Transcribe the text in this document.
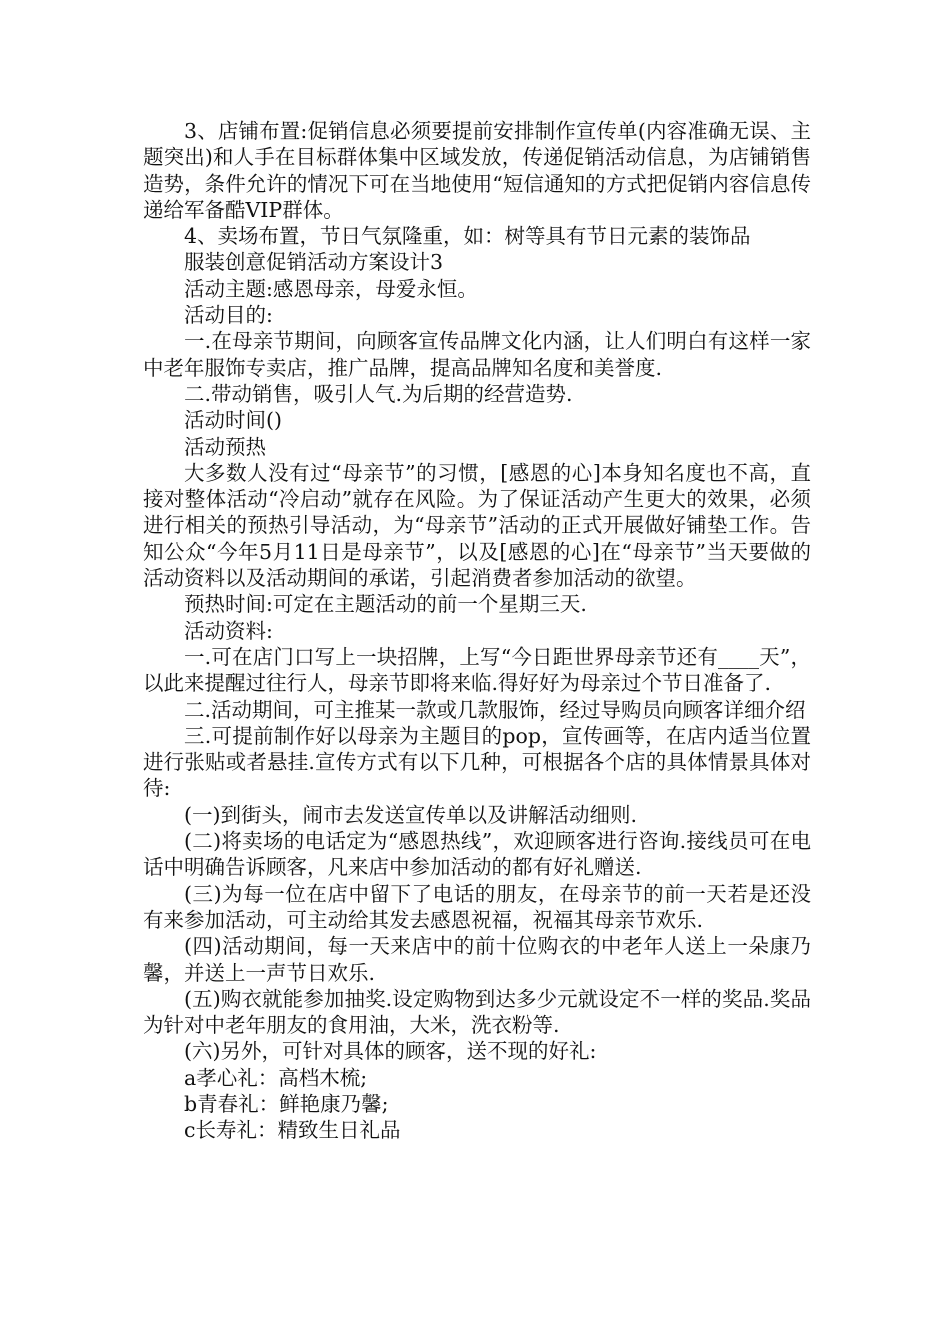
3、店铺布置:促销信息必须要提前安排制作宣传单(内容准确无误、主题突出)和人手在目标群体集中区域发放，传递促销活动信息，为店铺销售造势，条件允许的情况下可在当地使用“短信通知的方式把促销内容信息传递给军备酷VIP群体。

4、卖场布置，节日气氛隆重，如：树等具有节日元素的装饰品

服装创意促销活动方案设计3

活动主题:感恩母亲，母爱永恒。

活动目的:

一.在母亲节期间，向顾客宣传品牌文化内涵，让人们明白有这样一家中老年服饰专卖店，推广品牌，提高品牌知名度和美誉度.

二.带动销售，吸引人气.为后期的经营造势.

活动时间()

活动预热

大多数人没有过“母亲节”的习惯，[感恩的心]本身知名度也不高，直接对整体活动“冷启动”就存在风险。为了保证活动产生更大的效果，必须进行相关的预热引导活动，为“母亲节”活动的正式开展做好铺垫工作。告知公众“今年5月11日是母亲节”，以及[感恩的心]在“母亲节”当天要做的活动资料以及活动期间的承诺，引起消费者参加活动的欲望。

预热时间:可定在主题活动的前一个星期三天.

活动资料:

一.可在店门口写上一块招牌，上写“今日距世界母亲节还有____天”，以此来提醒过往行人，母亲节即将来临.得好好为母亲过个节日准备了.

二.活动期间，可主推某一款或几款服饰，经过导购员向顾客详细介绍

三.可提前制作好以母亲为主题目的pop，宣传画等，在店内适当位置进行张贴或者悬挂.宣传方式有以下几种，可根据各个店的具体情景具体对待:

(一)到街头，闹市去发送宣传单以及讲解活动细则.

(二)将卖场的电话定为“感恩热线”，欢迎顾客进行咨询.接线员可在电话中明确告诉顾客，凡来店中参加活动的都有好礼赠送.

(三)为每一位在店中留下了电话的朋友，在母亲节的前一天若是还没有来参加活动，可主动给其发去感恩祝福，祝福其母亲节欢乐.

(四)活动期间，每一天来店中的前十位购衣的中老年人送上一朵康乃馨，并送上一声节日欢乐.

(五)购衣就能参加抽奖.设定购物到达多少元就设定不一样的奖品.奖品为针对中老年朋友的食用油，大米，洗衣粉等.

(六)另外，可针对具体的顾客，送不现的好礼:

a孝心礼：高档木梳;

b青春礼：鲜艳康乃馨;

c长寿礼：精致生日礼品
